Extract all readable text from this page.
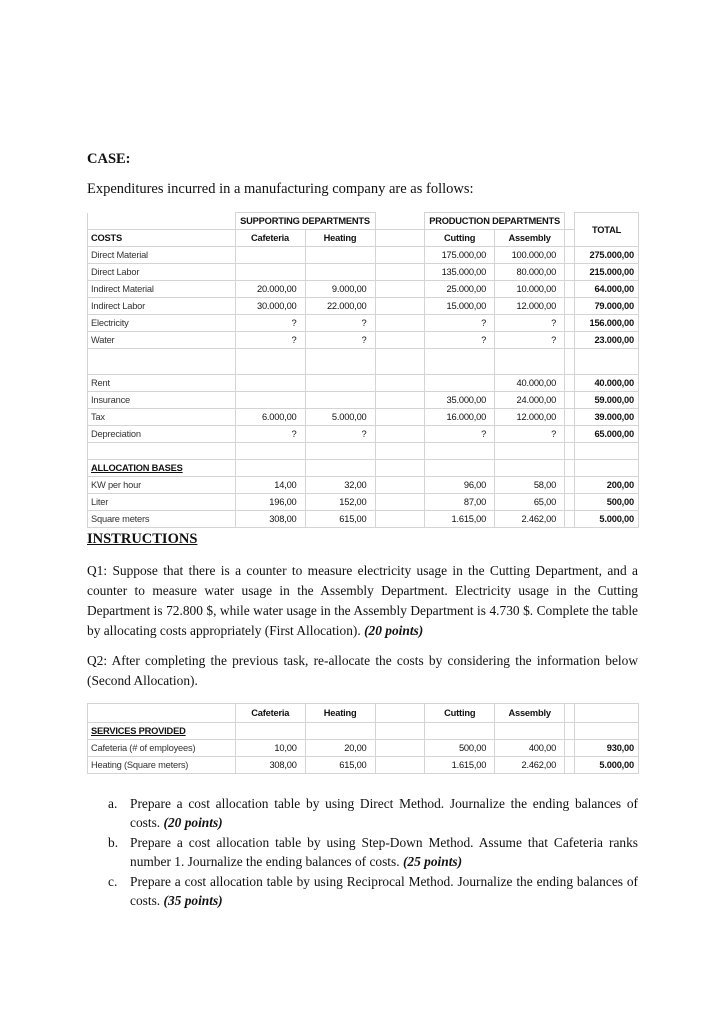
CASE:
Expenditures incurred in a manufacturing company are as follows:
	SUPPORTING DEPARTMENTS			PRODUCTION DEPARTMENTS			TOTAL
COSTS	Cafeteria	Heating		Cutting	Assembly		
Direct Material				175.000,00	100.000,00		275.000,00
Direct Labor				135.000,00	80.000,00		215.000,00
Indirect Material	20.000,00	9.000,00		25.000,00	10.000,00		64.000,00
Indirect Labor	30.000,00	22.000,00		15.000,00	12.000,00		79.000,00
Electricity	?	?		?	?		156.000,00
Water	?	?		?	?		23.000,00

Rent					40.000,00		40.000,00
Insurance				35.000,00	24.000,00		59.000,00
Tax	6.000,00	5.000,00		16.000,00	12.000,00		39.000,00
Depreciation	?	?		?	?		65.000,00

ALLOCATION BASES							
KW per hour	14,00	32,00		96,00	58,00		200,00
Liter	196,00	152,00		87,00	65,00		500,00
Square meters	308,00	615,00		1.615,00	2.462,00		5.000,00
INSTRUCTIONS
Q1: Suppose that there is a counter to measure electricity usage in the Cutting Department, and a counter to measure water usage in the Assembly Department. Electricity usage in the Cutting Department is 72.800 $, while water usage in the Assembly Department is 4.730 $. Complete the table by allocating costs appropriately (First Allocation). (20 points)
Q2: After completing the previous task, re-allocate the costs by considering the information below (Second Allocation).
	Cafeteria	Heating		Cutting	Assembly		
SERVICES PROVIDED							
Cafeteria (# of employees)	10,00	20,00		500,00	400,00		930,00
Heating (Square meters)	308,00	615,00		1.615,00	2.462,00		5.000,00
a. Prepare a cost allocation table by using Direct Method. Journalize the ending balances of costs. (20 points)
b. Prepare a cost allocation table by using Step-Down Method. Assume that Cafeteria ranks number 1. Journalize the ending balances of costs. (25 points)
c. Prepare a cost allocation table by using Reciprocal Method. Journalize the ending balances of costs. (35 points)
